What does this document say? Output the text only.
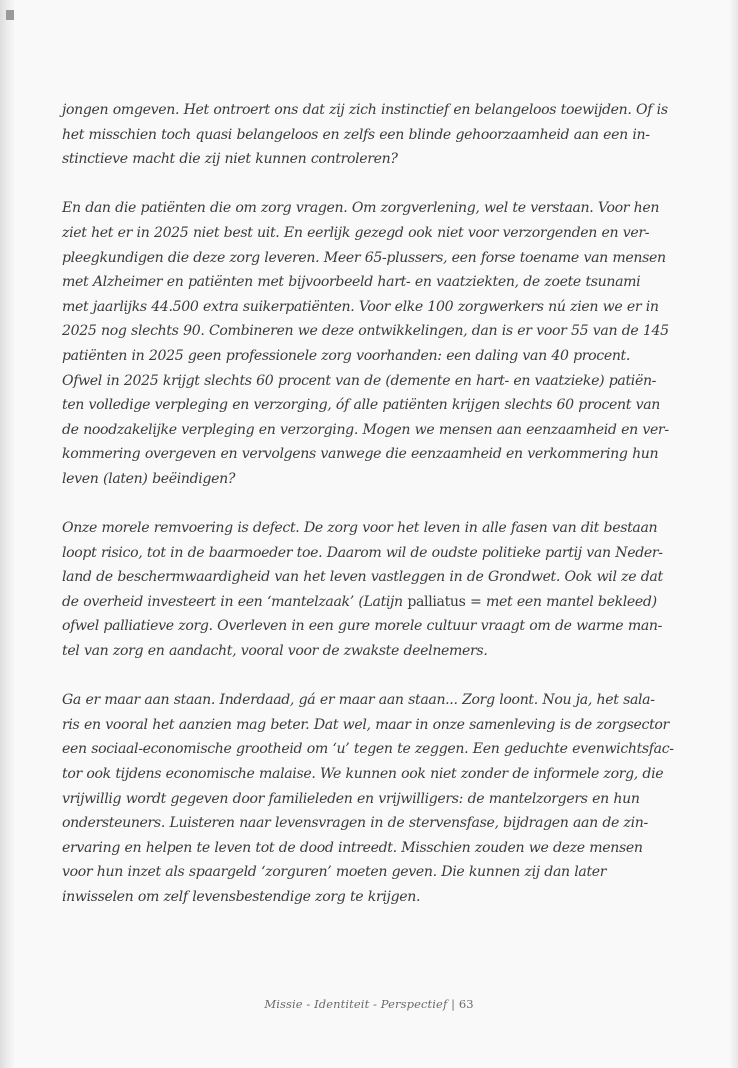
jongen omgeven. Het ontroert ons dat zij zich instinctief en belangeloos toewijden. Of is
het misschien toch quasi belangeloos en zelfs een blinde gehoorzaamheid aan een in-
stinctieve macht die zij niet kunnen controleren?

En dan die patiënten die om zorg vragen. Om zorgverlening, wel te verstaan. Voor hen
ziet het er in 2025 niet best uit. En eerlijk gezegd ook niet voor verzorgenden en ver-
pleegkundigen die deze zorg leveren. Meer 65-plussers, een forse toename van mensen
met Alzheimer en patiënten met bijvoorbeeld hart- en vaatziekten, de zoete tsunami
met jaarlijks 44.500 extra suikerpatiënten. Voor elke 100 zorgwerkers nú zien we er in
2025 nog slechts 90. Combineren we deze ontwikkelingen, dan is er voor 55 van de 145
patiënten in 2025 geen professionele zorg voorhanden: een daling van 40 procent.
Ofwel in 2025 krijgt slechts 60 procent van de (demente en hart- en vaatzieke) patiën-
ten volledige verpleging en verzorging, óf alle patiënten krijgen slechts 60 procent van
de noodzakelijke verpleging en verzorging. Mogen we mensen aan eenzaamheid en ver-
kommering overgeven en vervolgens vanwege die eenzaamheid en verkommering hun
leven (laten) beëindigen?

Onze morele remvoering is defect. De zorg voor het leven in alle fasen van dit bestaan
loopt risico, tot in de baarmoeder toe. Daarom wil de oudste politieke partij van Neder-
land de beschermwaardigheid van het leven vastleggen in de Grondwet. Ook wil ze dat
de overheid investeert in een ‘mantelzaak’ (Latijn palliatus = met een mantel bekleed)
ofwel palliatieve zorg. Overleven in een gure morele cultuur vraagt om de warme man-
tel van zorg en aandacht, vooral voor de zwakste deelnemers.

Ga er maar aan staan. Inderdaad, gá er maar aan staan... Zorg loont. Nou ja, het sala-
ris en vooral het aanzien mag beter. Dat wel, maar in onze samenleving is de zorgsector
een sociaal-economische grootheid om ‘u’ tegen te zeggen. Een geduchte evenwichtsfac-
tor ook tijdens economische malaise. We kunnen ook niet zonder de informele zorg, die
vrijwillig wordt gegeven door familieleden en vrijwilligers: de mantelzorgers en hun
ondersteuners. Luisteren naar levensvragen in de stervensfase, bijdragen aan de zin-
ervaring en helpen te leven tot de dood intreedt. Misschien zouden we deze mensen
voor hun inzet als spaargeld ‘zorguren’ moeten geven. Die kunnen zij dan later
inwisselen om zelf levensbestendige zorg te krijgen.

Missie - Identiteit - Perspectief | 63
